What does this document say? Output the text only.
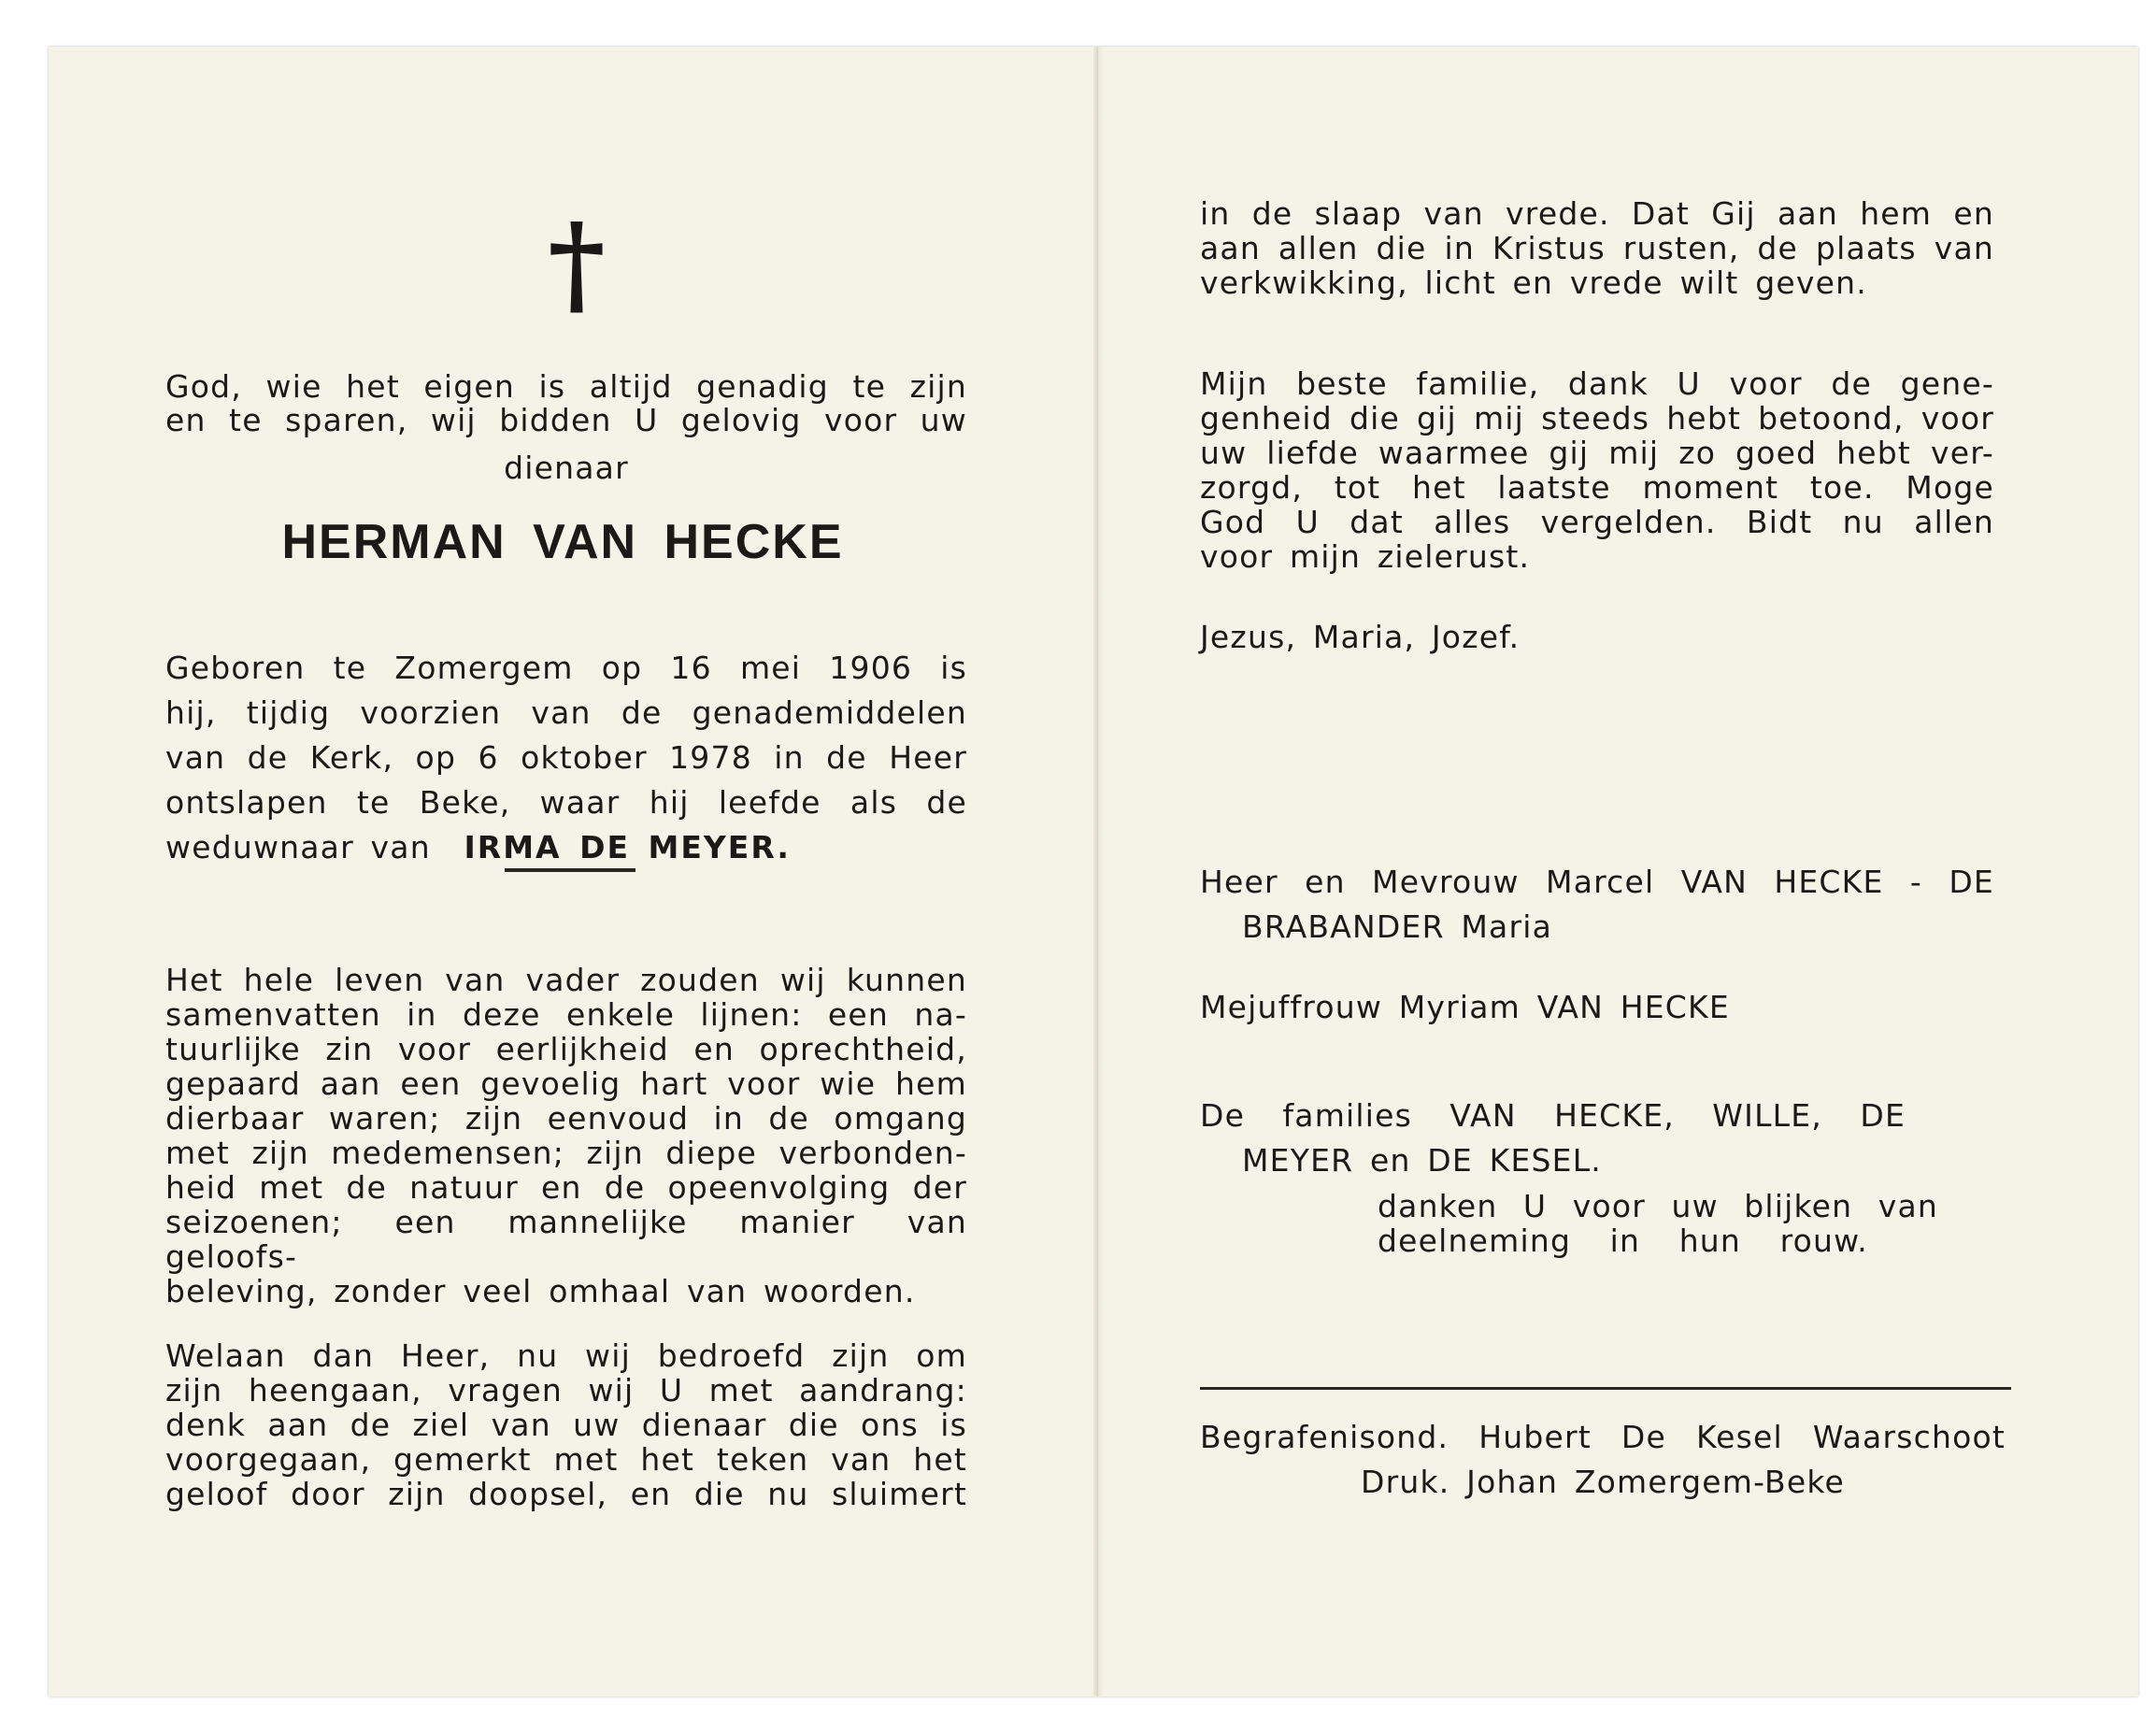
†
God, wie het eigen is altijd genadig te zijn
en te sparen, wij bidden U gelovig voor uw
dienaar
HERMAN VAN HECKE
Geboren te Zomergem op 16 mei 1906 is
hij, tijdig voorzien van de genademiddelen
van de Kerk, op 6 oktober 1978 in de Heer
ontslapen te Beke, waar hij leefde als de
weduwnaar van IRMA DE MEYER.
Het hele leven van vader zouden wij kunnen
samenvatten in deze enkele lijnen: een na-
tuurlijke zin voor eerlijkheid en oprechtheid,
gepaard aan een gevoelig hart voor wie hem
dierbaar waren; zijn eenvoud in de omgang
met zijn medemensen; zijn diepe verbonden-
heid met de natuur en de opeenvolging der
seizoenen; een mannelijke manier van geloofs-
beleving, zonder veel omhaal van woorden.
Welaan dan Heer, nu wij bedroefd zijn om
zijn heengaan, vragen wij U met aandrang:
denk aan de ziel van uw dienaar die ons is
voorgegaan, gemerkt met het teken van het
geloof door zijn doopsel, en die nu sluimert
in de slaap van vrede. Dat Gij aan hem en
aan allen die in Kristus rusten, de plaats van
verkwikking, licht en vrede wilt geven.
Mijn beste familie, dank U voor de gene-
genheid die gij mij steeds hebt betoond, voor
uw liefde waarmee gij mij zo goed hebt ver-
zorgd, tot het laatste moment toe. Moge
God U dat alles vergelden. Bidt nu allen
voor mijn zielerust.
Jezus, Maria, Jozef.
Heer en Mevrouw Marcel VAN HECKE - DE
BRABANDER Maria
Mejuffrouw Myriam VAN HECKE
De families VAN HECKE, WILLE, DE
MEYER en DE KESEL.
danken U voor uw blijken van
deelneming in hun rouw.
Begrafenisond. Hubert De Kesel Waarschoot
Druk. Johan Zomergem-Beke
